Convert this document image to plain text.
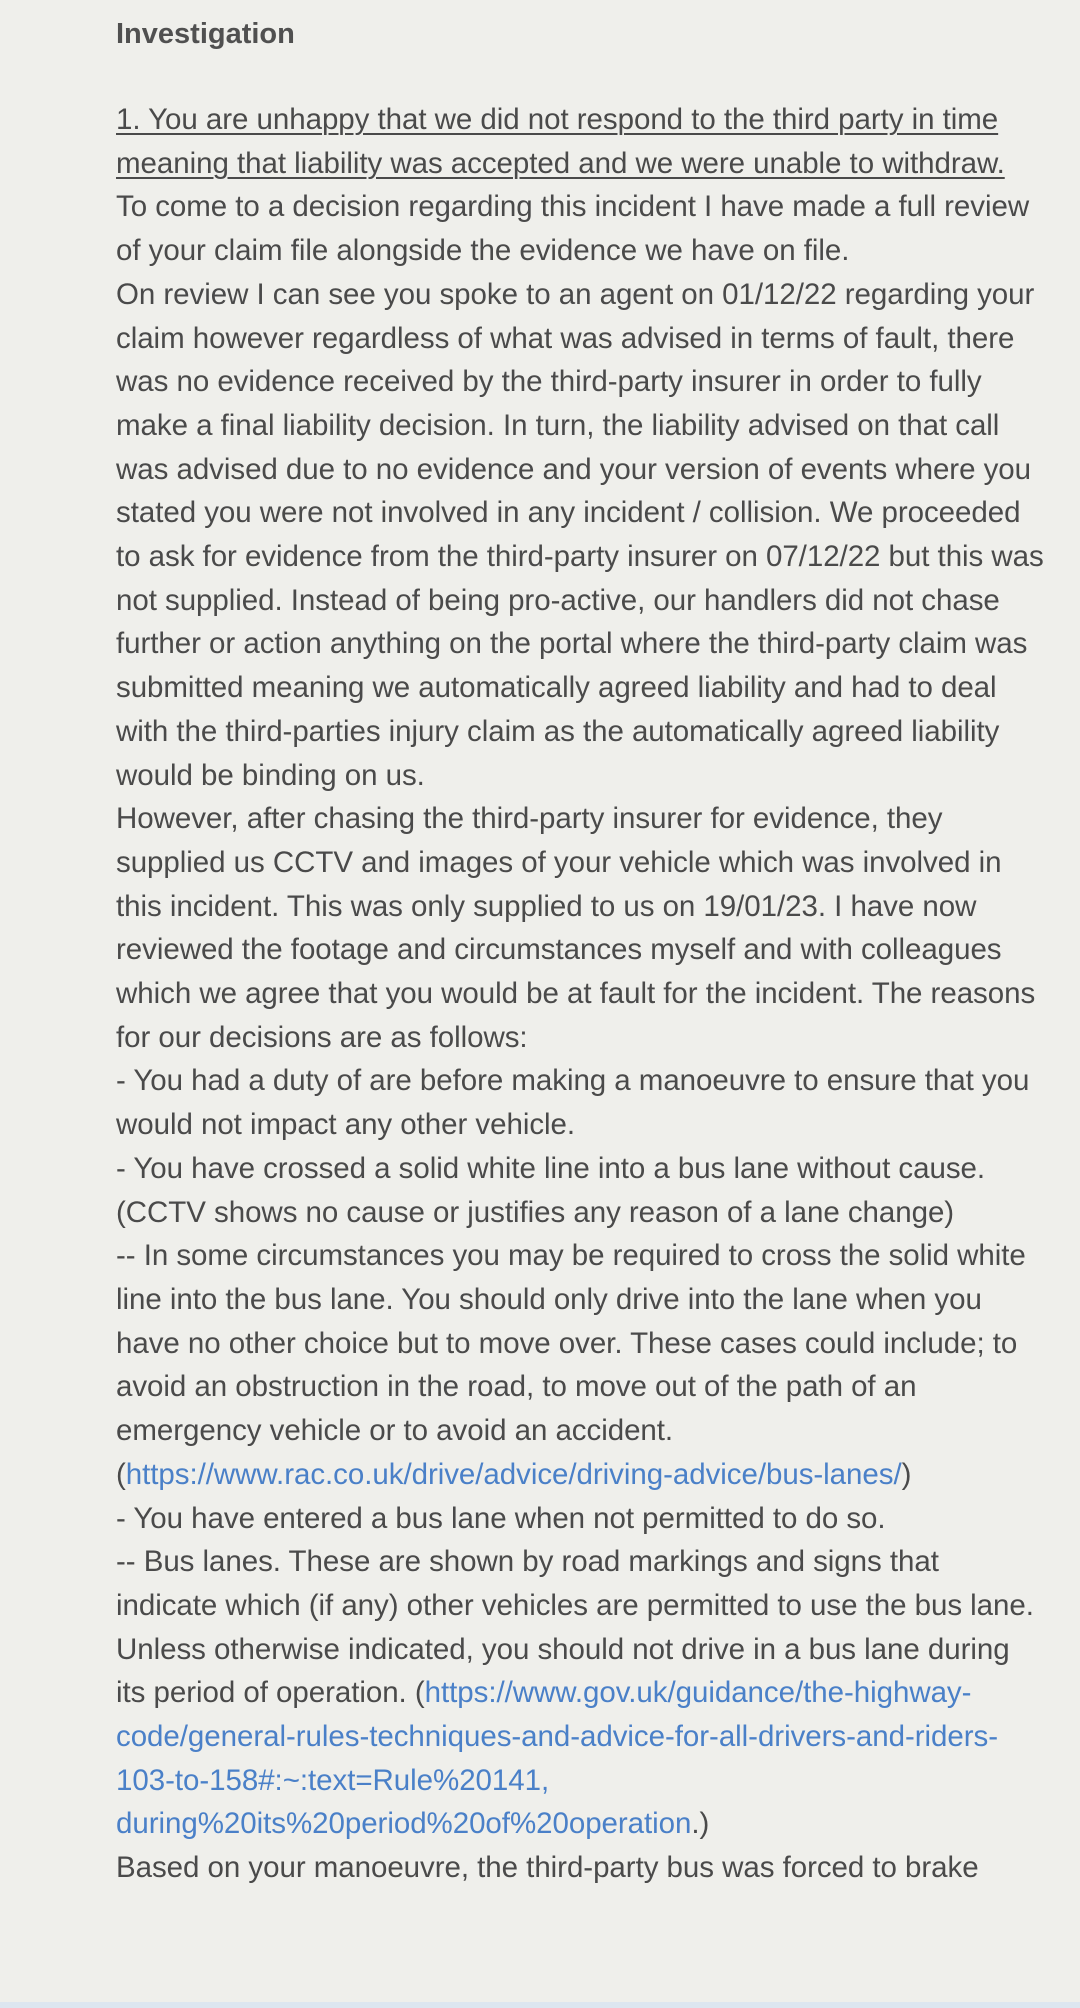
Investigation

1. You are unhappy that we did not respond to the third party in time meaning that liability was accepted and we were unable to withdraw.

To come to a decision regarding this incident I have made a full review of your claim file alongside the evidence we have on file.

On review I can see you spoke to an agent on 01/12/22 regarding your claim however regardless of what was advised in terms of fault, there was no evidence received by the third-party insurer in order to fully make a final liability decision. In turn, the liability advised on that call was advised due to no evidence and your version of events where you stated you were not involved in any incident / collision. We proceeded to ask for evidence from the third-party insurer on 07/12/22 but this was not supplied. Instead of being pro-active, our handlers did not chase further or action anything on the portal where the third-party claim was submitted meaning we automatically agreed liability and had to deal with the third-parties injury claim as the automatically agreed liability would be binding on us.

However, after chasing the third-party insurer for evidence, they supplied us CCTV and images of your vehicle which was involved in this incident. This was only supplied to us on 19/01/23. I have now reviewed the footage and circumstances myself and with colleagues which we agree that you would be at fault for the incident. The reasons for our decisions are as follows:

- You had a duty of are before making a manoeuvre to ensure that you would not impact any other vehicle.

- You have crossed a solid white line into a bus lane without cause. (CCTV shows no cause or justifies any reason of a lane change)

-- In some circumstances you may be required to cross the solid white line into the bus lane. You should only drive into the lane when you have no other choice but to move over. These cases could include; to avoid an obstruction in the road, to move out of the path of an emergency vehicle or to avoid an accident.
(https://www.rac.co.uk/drive/advice/driving-advice/bus-lanes/)

- You have entered a bus lane when not permitted to do so.

-- Bus lanes. These are shown by road markings and signs that indicate which (if any) other vehicles are permitted to use the bus lane. Unless otherwise indicated, you should not drive in a bus lane during its period of operation. (https://www.gov.uk/guidance/the-highway-code/general-rules-techniques-and-advice-for-all-drivers-and-riders-103-to-158#:~:text=Rule%20141, during%20its%20period%20of%20operation.)

Based on your manoeuvre, the third-party bus was forced to brake
